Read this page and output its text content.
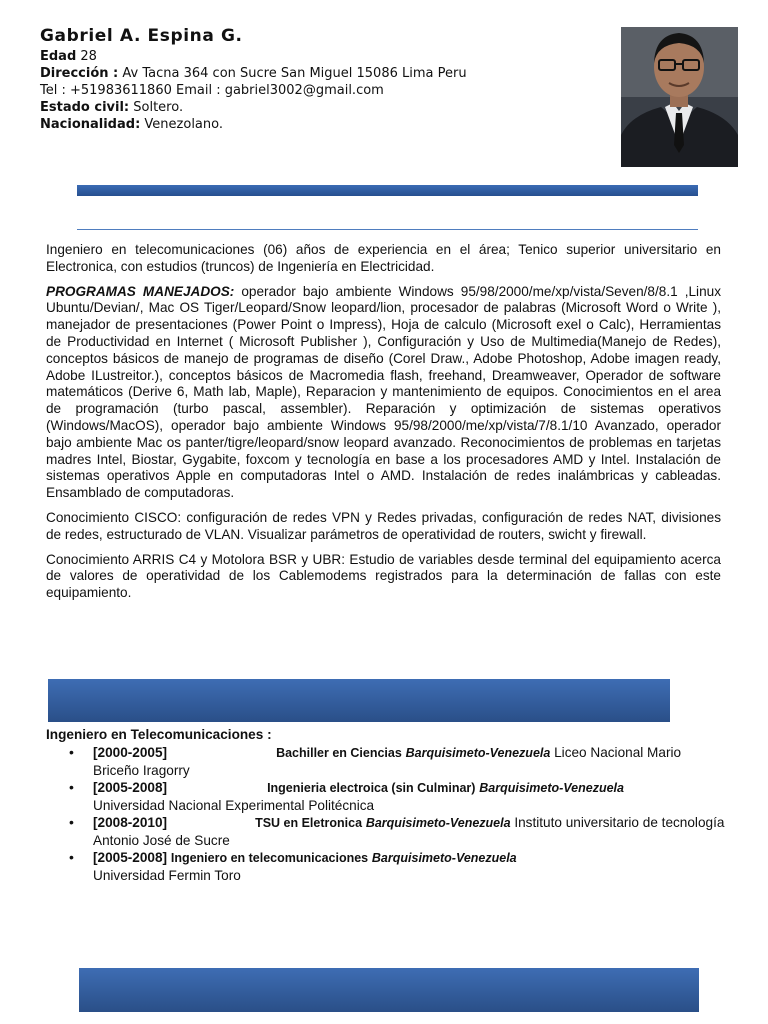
Gabriel A. Espina G.
Edad 28
Dirección : Av Tacna 364 con Sucre San Miguel 15086 Lima Peru
Tel : +51983611860 Email : gabriel3002@gmail.com
Estado civil: Soltero.
Nacionalidad: Venezolano.

Ingeniero en telecomunicaciones (06) años de experiencia en el área; Tenico superior universitario en Electronica, con estudios (truncos) de Ingeniería en Electricidad.

PROGRAMAS MANEJADOS: operador bajo ambiente Windows 95/98/2000/me/xp/vista/Seven/8/8.1 ,Linux Ubuntu/Devian/, Mac OS Tiger/Leopard/Snow leopard/lion, procesador de palabras (Microsoft Word o Write ), manejador de presentaciones (Power Point o Impress), Hoja de calculo (Microsoft exel o Calc), Herramientas de Productividad en Internet ( Microsoft Publisher ), Configuración y Uso de Multimedia(Manejo de Redes), conceptos básicos de manejo de programas de diseño (Corel Draw., Adobe Photoshop, Adobe imagen ready, Adobe ILustreitor.), conceptos básicos de Macromedia flash, freehand, Dreamweaver, Operador de software matemáticos (Derive 6, Math lab, Maple), Reparacion y mantenimiento de equipos. Conocimientos en el area de programación (turbo pascal, assembler). Reparación y optimización de sistemas operativos (Windows/MacOS), operador bajo ambiente Windows 95/98/2000/me/xp/vista/7/8.1/10 Avanzado, operador bajo ambiente Mac os panter/tigre/leopard/snow leopard avanzado. Reconocimientos de problemas en tarjetas madres Intel, Biostar, Gygabite, foxcom y tecnología en base a los procesadores AMD y Intel. Instalación de sistemas operativos Apple en computadoras Intel o AMD. Instalación de redes inalámbricas y cableadas. Ensamblado de computadoras.

Conocimiento CISCO: configuración de redes VPN y Redes privadas, configuración de redes NAT, divisiones de redes, estructurado de VLAN. Visualizar parámetros de operatividad de routers, swicht y firewall.

Conocimiento ARRIS C4 y Motolora BSR y UBR: Estudio de variables desde terminal del equipamiento acerca de valores de operatividad de los Cablemodems registrados para la determinación de fallas con este equipamiento.

Ingeniero en Telecomunicaciones :
• [2000-2005]	Bachiller en Ciencias Barquisimeto-Venezuela Liceo Nacional Mario Briceño Iragorry
• [2005-2008]	Ingenieria electroica (sin Culminar) Barquisimeto-Venezuela
Universidad Nacional Experimental Politécnica
• [2008-2010]	TSU en Eletronica Barquisimeto-Venezuela Instituto universitario de tecnología Antonio José de Sucre
• [2005-2008] Ingeniero en telecomunicaciones Barquisimeto-Venezuela
Universidad Fermin Toro
